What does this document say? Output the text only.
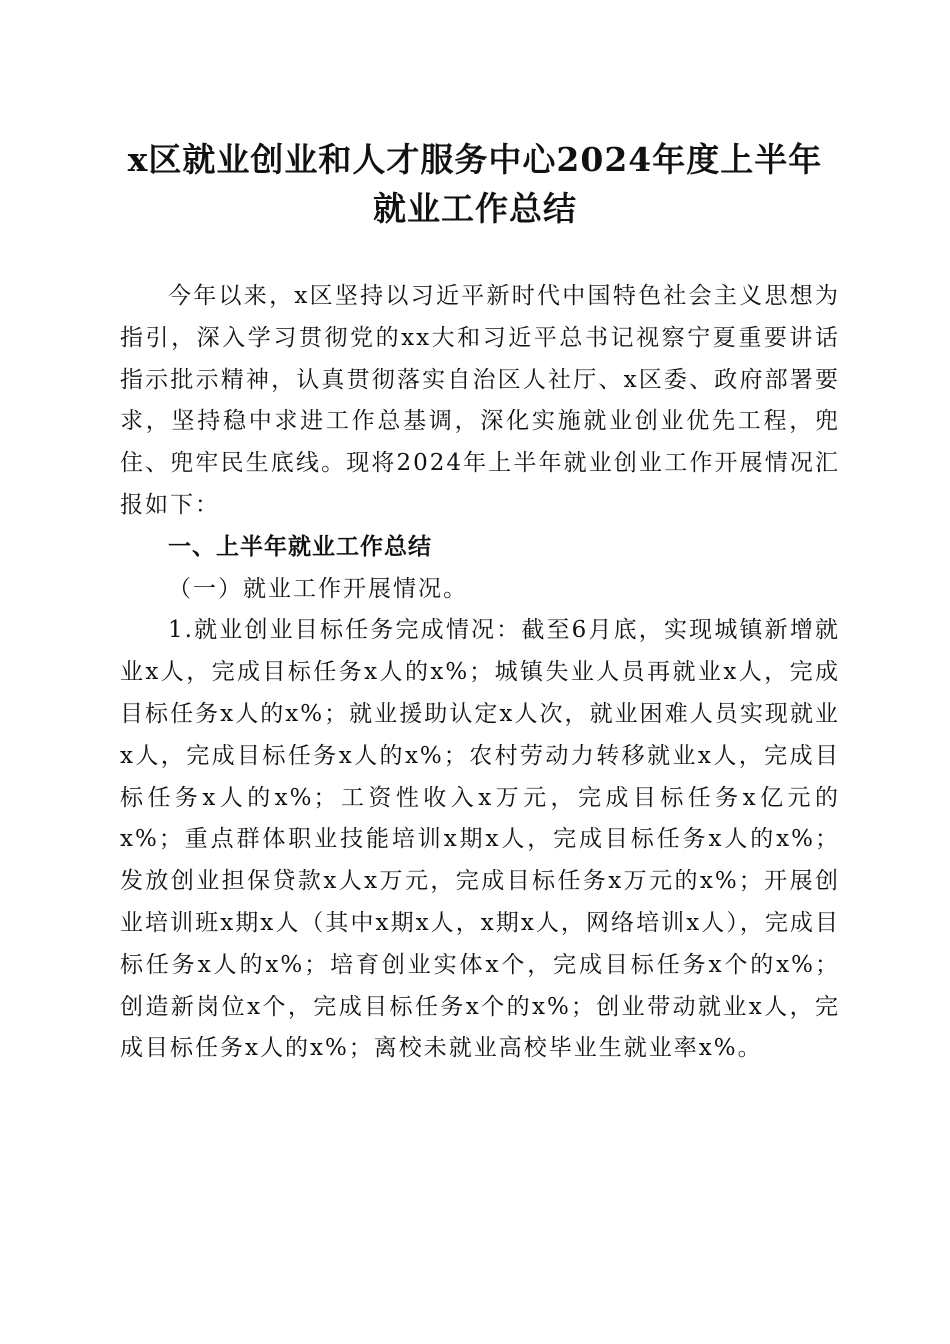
x区就业创业和人才服务中心2024年度上半年
就业工作总结

今年以来，x区坚持以习近平新时代中国特色社会主义思想为指引，深入学习贯彻党的xx大和习近平总书记视察宁夏重要讲话指示批示精神，认真贯彻落实自治区人社厅、x区委、政府部署要求，坚持稳中求进工作总基调，深化实施就业创业优先工程，兜住、兜牢民生底线。现将2024年上半年就业创业工作开展情况汇报如下：

一、上半年就业工作总结

（一）就业工作开展情况。

1.就业创业目标任务完成情况：截至6月底，实现城镇新增就业x人，完成目标任务x人的x%；城镇失业人员再就业x人，完成目标任务x人的x%；就业援助认定x人次，就业困难人员实现就业x人，完成目标任务x人的x%；农村劳动力转移就业x人，完成目标任务x人的x%；工资性收入x万元，完成目标任务x亿元的x%；重点群体职业技能培训x期x人，完成目标任务x人的x%；发放创业担保贷款x人x万元，完成目标任务x万元的x%；开展创业培训班x期x人（其中x期x人，x期x人，网络培训x人），完成目标任务x人的x%；培育创业实体x个，完成目标任务x个的x%；创造新岗位x个，完成目标任务x个的x%；创业带动就业x人，完成目标任务x人的x%；离校未就业高校毕业生就业率x%。
